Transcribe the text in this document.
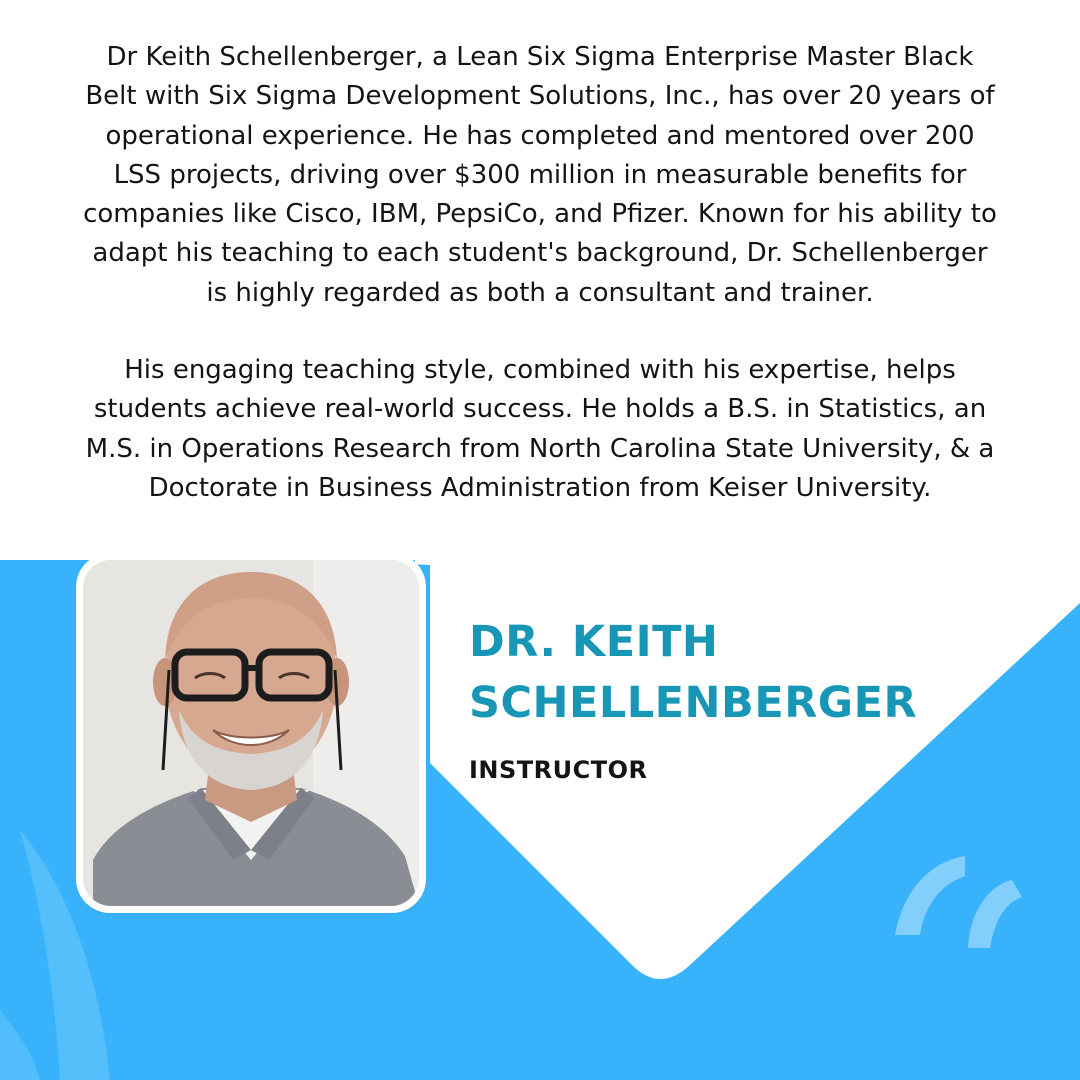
Dr Keith Schellenberger, a Lean Six Sigma Enterprise Master Black
Belt with Six Sigma Development Solutions, Inc., has over 20 years of
operational experience. He has completed and mentored over 200
LSS projects, driving over $300 million in measurable benefits for
companies like Cisco, IBM, PepsiCo, and Pfizer. Known for his ability to
adapt his teaching to each student's background, Dr. Schellenberger
is highly regarded as both a consultant and trainer.
His engaging teaching style, combined with his expertise, helps
students achieve real-world success. He holds a B.S. in Statistics, an
M.S. in Operations Research from North Carolina State University, & a
Doctorate in Business Administration from Keiser University.
DR. KEITH
SCHELLENBERGER

INSTRUCTOR
